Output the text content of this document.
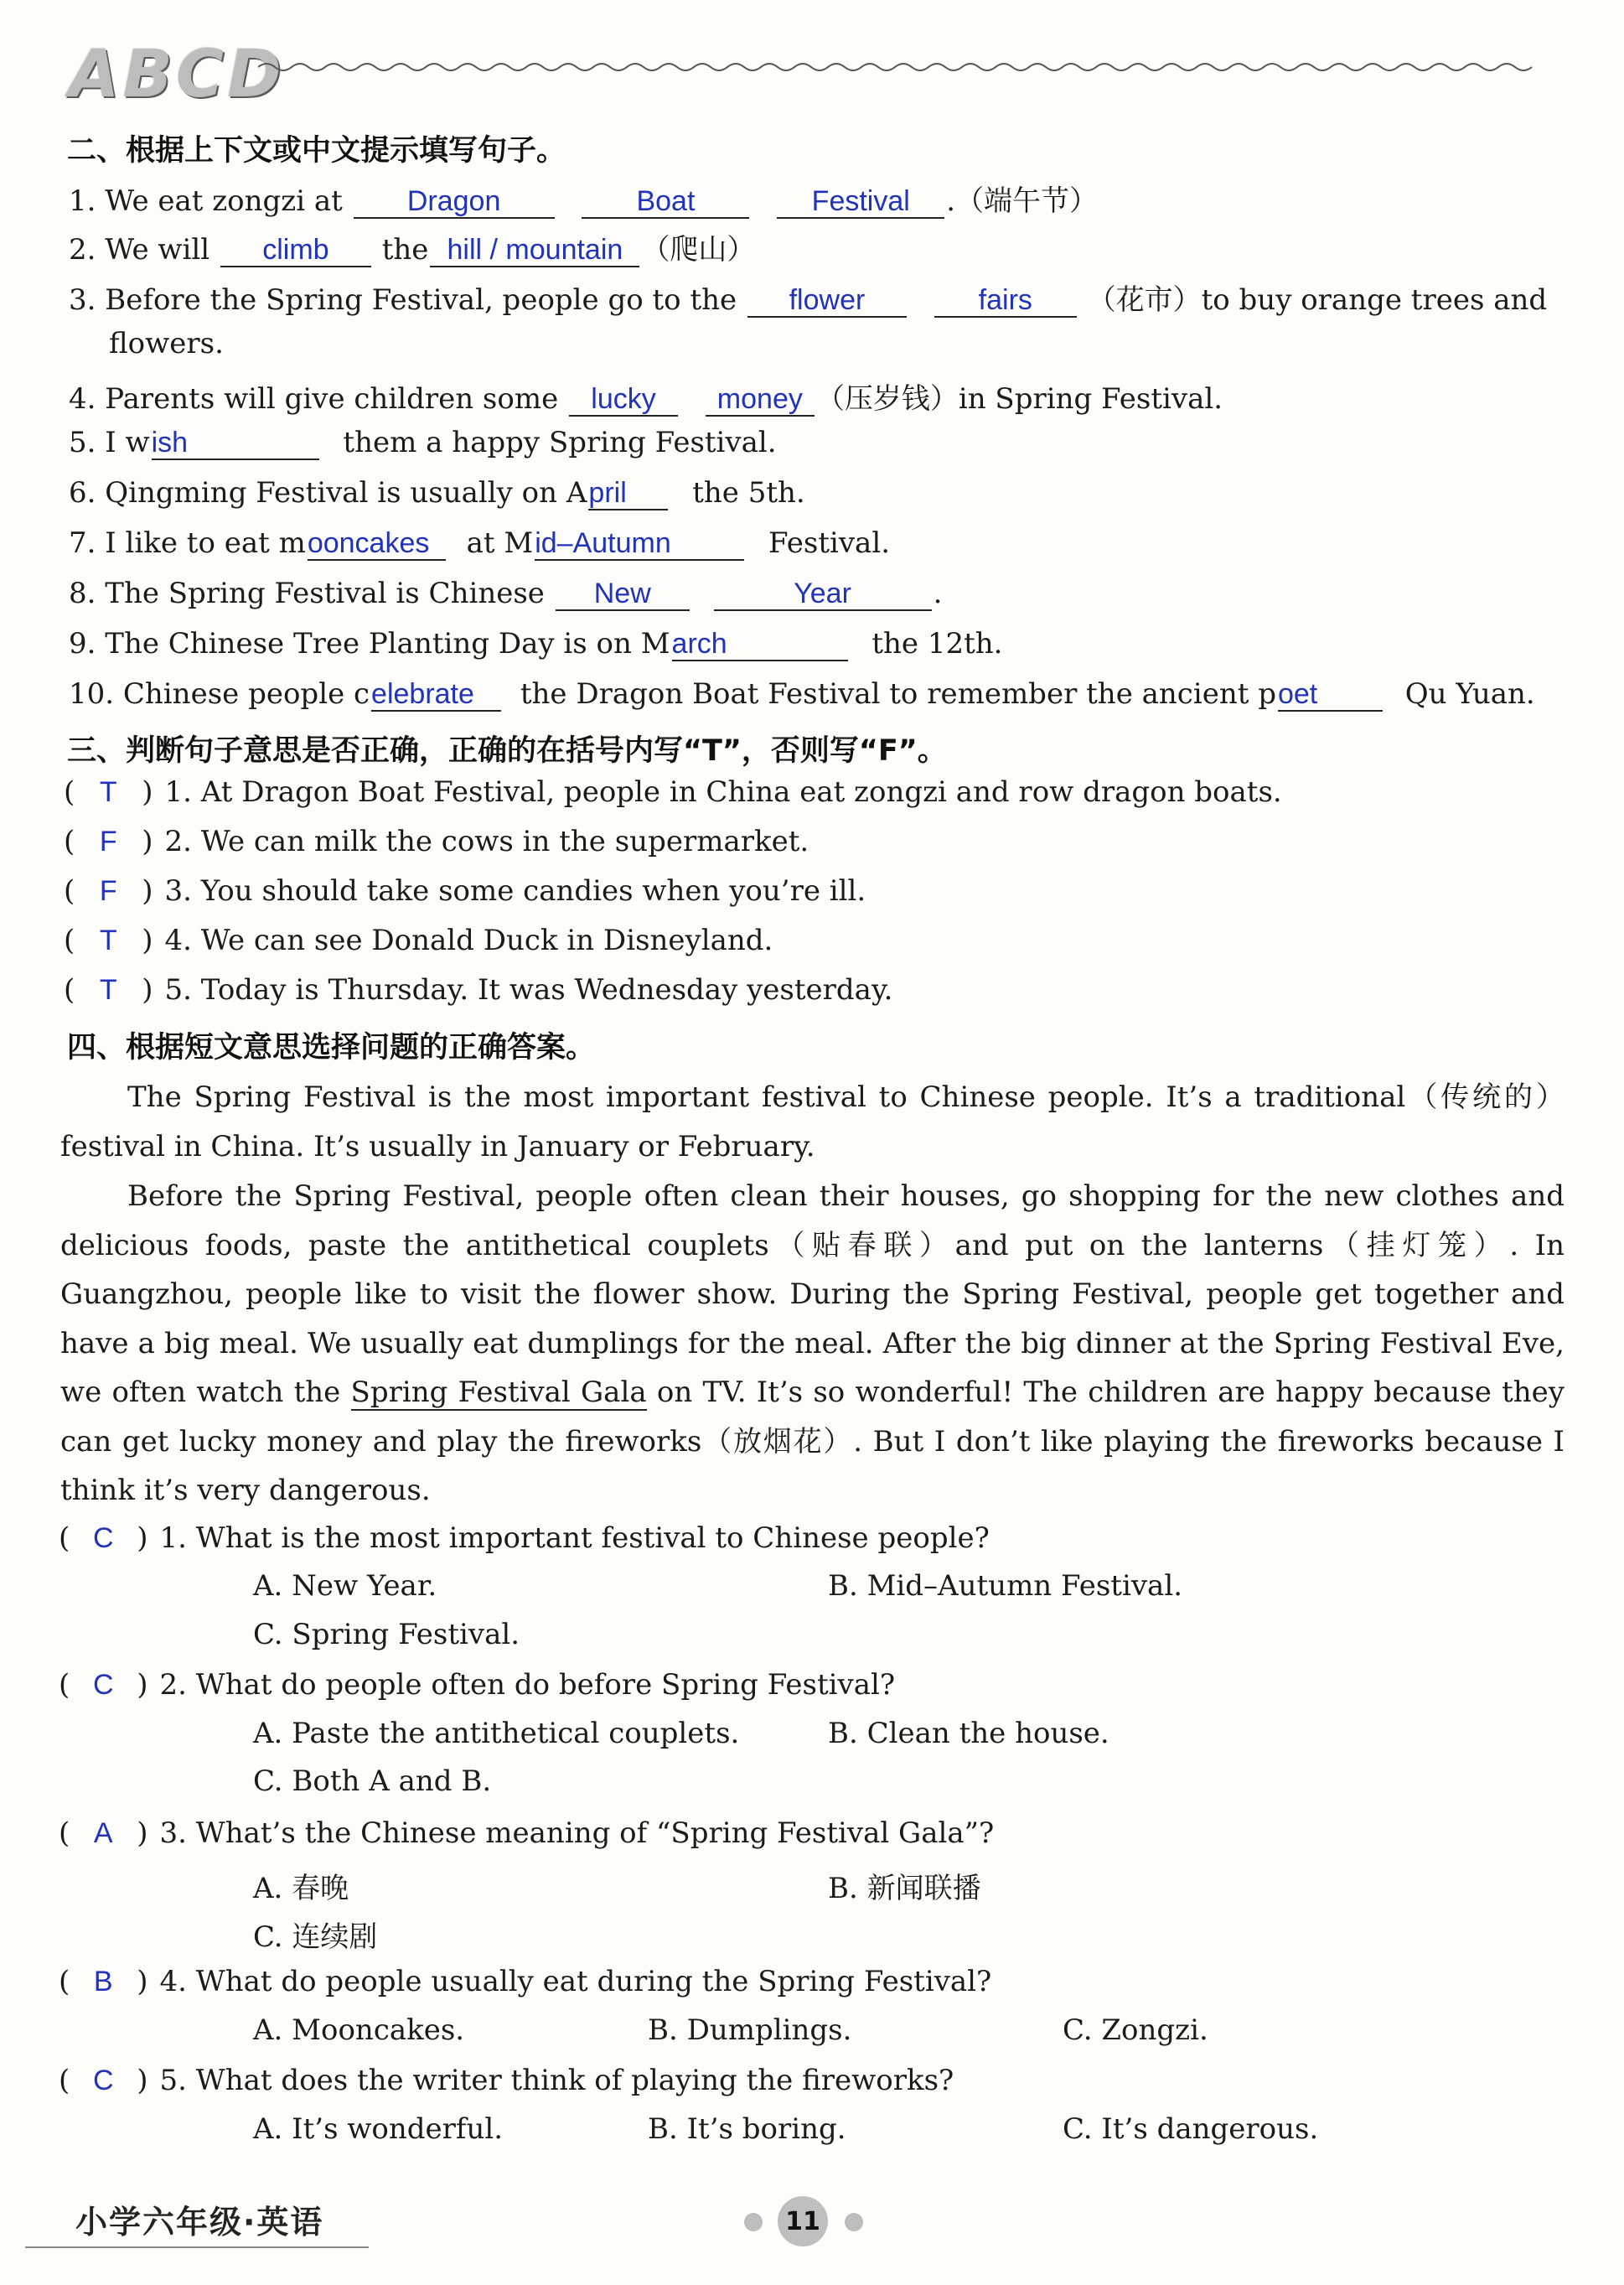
ABCD
二、根据上下文或中文提示填写句子。
1. We eat zongzi at Dragon	Boat	Festival .（端午节）
2. We will climb the hill / mountain （爬山）
3. Before the Spring Festival, people go to the flower	fairs （花市）to buy orange trees and
flowers.
4. Parents will give children some lucky money （压岁钱）in Spring Festival.
5. I wish	them a happy Spring Festival.
6. Qingming Festival is usually on April the 5th.
7. I like to eat mooncakes at Mid–Autumn	Festival.
8. The Spring Festival is Chinese New	Year	.
9. The Chinese Tree Planting Day is on March	the 12th.
10. Chinese people celebrate the Dragon Boat Festival to remember the ancient poet	Qu Yuan.
三、判断句子意思是否正确，正确的在括号内写“T”，否则写“F”。
( T ) 1. At Dragon Boat Festival, people in China eat zongzi and row dragon boats.
( F ) 2. We can milk the cows in the supermarket.
( F ) 3. You should take some candies when you’re ill.
( T ) 4. We can see Donald Duck in Disneyland.
( T ) 5. Today is Thursday. It was Wednesday yesterday.
四、根据短文意思选择问题的正确答案。
The Spring Festival is the most important festival to Chinese people. It’s a traditional（传统的）festival in China. It’s usually in January or February.
Before the Spring Festival, people often clean their houses, go shopping for the new clothes and delicious foods, paste the antithetical couplets（贴春联）and put on the lanterns（挂灯笼）. In Guangzhou, people like to visit the flower show. During the Spring Festival, people get together and have a big meal. We usually eat dumplings for the meal. After the big dinner at the Spring Festival Eve, we often watch the Spring Festival Gala on TV. It’s so wonderful! The children are happy because they can get lucky money and play the fireworks（放烟花）. But I don’t like playing the fireworks because I think it’s very dangerous.
( C ) 1. What is the most important festival to Chinese people?
A. New Year.	B. Mid–Autumn Festival.
C. Spring Festival.
( C ) 2. What do people often do before Spring Festival?
A. Paste the antithetical couplets.	B. Clean the house.
C. Both A and B.
( A ) 3. What’s the Chinese meaning of “Spring Festival Gala”?
A. 春晚	B. 新闻联播
C. 连续剧
( B ) 4. What do people usually eat during the Spring Festival?
A. Mooncakes.	B. Dumplings.	C. Zongzi.
( C ) 5. What does the writer think of playing the fireworks?
A. It’s wonderful.	B. It’s boring.	C. It’s dangerous.
小学六年级·英语	11
